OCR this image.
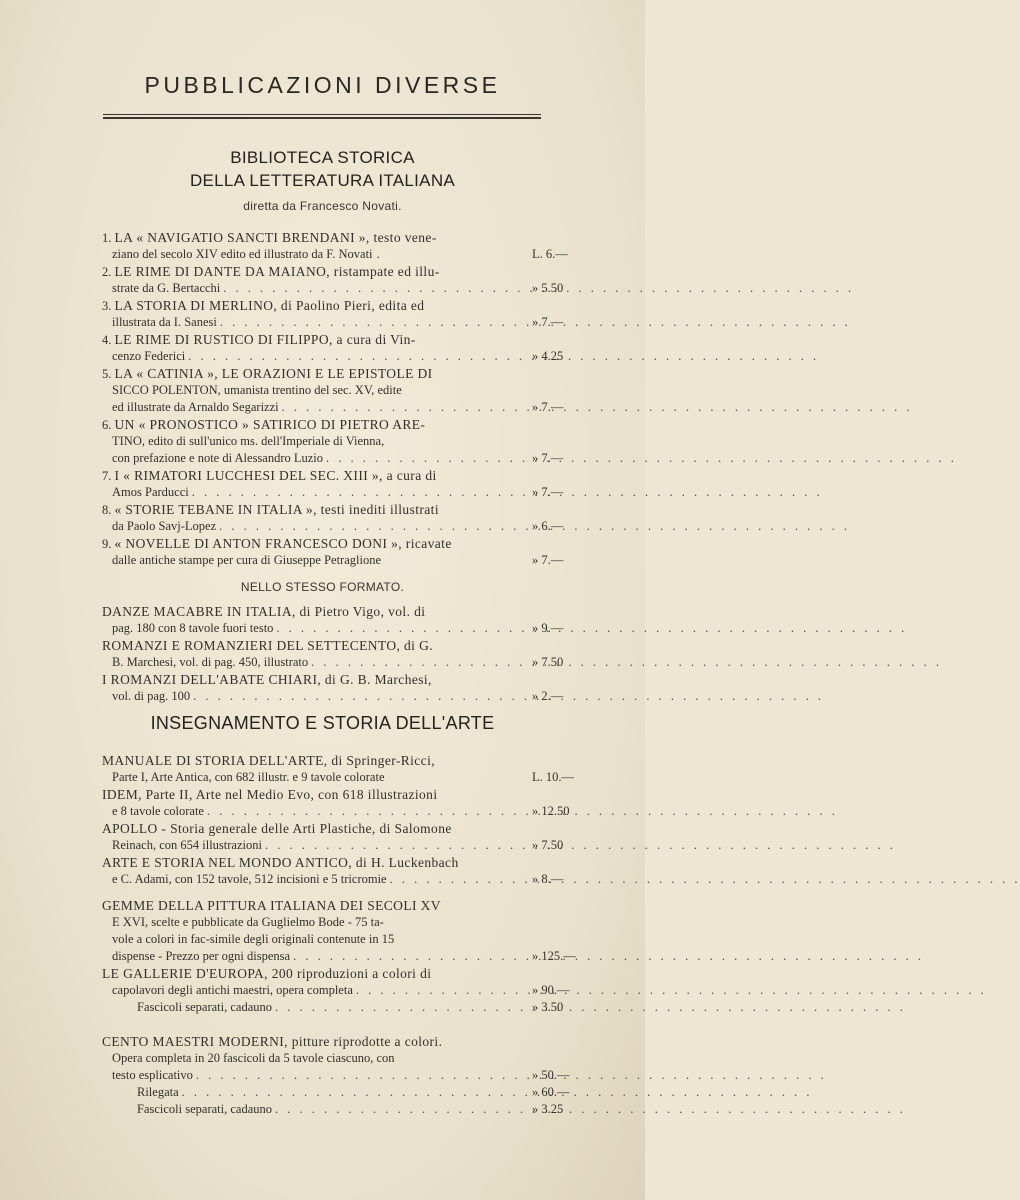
PUBBLICAZIONI DIVERSE
BIBLIOTECA STORICA
DELLA LETTERATURA ITALIANA
diretta da Francesco Novati.
1. LA « NAVIGATIO SANCTI BRENDANI », testo vene-
ziano del secolo XIV edito ed illustrato da F. Novati .	L. 6.—
2. LE RIME DI DANTE DA MAIANO, ristampate ed illu-
strate da G. Bertacchi . . .	» 5.50
3. LA STORIA DI MERLINO, di Paolino Pieri, edita ed
illustrata da I. Sanesi . . .	» 7.—
4. LE RIME DI RUSTICO DI FILIPPO, a cura di Vin-
cenzo Federici . . .	» 4.25
5. LA « CATINIA », LE ORAZIONI E LE EPISTOLE DI
SICCO POLENTON, umanista trentino del sec. XV, edite
ed illustrate da Arnaldo Segarizzi . . .	» 7.—
6. UN « PRONOSTICO » SATIRICO DI PIETRO ARE-
TINO, edito di sull'unico ms. dell'Imperiale di Vienna,
con prefazione e note di Alessandro Luzio . . .	» 7.—
7. I « RIMATORI LUCCHESI DEL SEC. XIII », a cura di
Amos Parducci . . .	» 7.—
8. « STORIE TEBANE IN ITALIA », testi inediti illustrati
da Paolo Savj-Lopez . . .	» 6.—
9. « NOVELLE DI ANTON FRANCESCO DONI », ricavate
dalle antiche stampe per cura di Giuseppe Petraglione	» 7.—
NELLO STESSO FORMATO.
DANZE MACABRE IN ITALIA, di Pietro Vigo, vol. di
pag. 180 con 8 tavole fuori testo . . .	» 9.—
ROMANZI E ROMANZIERI DEL SETTECENTO, di G.
B. Marchesi, vol. di pag. 450, illustrato . . .	» 7.50
I ROMANZI DELL'ABATE CHIARI, di G. B. Marchesi,
vol. di pag. 100 . . .	» 2.—
INSEGNAMENTO E STORIA DELL'ARTE
MANUALE DI STORIA DELL'ARTE, di Springer-Ricci,
Parte I, Arte Antica, con 682 illustr. e 9 tavole colorate	L. 10.—
IDEM, Parte II, Arte nel Medio Evo, con 618 illustrazioni
e 8 tavole colorate . . .	» 12.50
APOLLO - Storia generale delle Arti Plastiche, di Salomone
Reinach, con 654 illustrazioni . . .	» 7.50
ARTE E STORIA NEL MONDO ANTICO, di H. Luckenbach
e C. Adami, con 152 tavole, 512 incisioni e 5 tricromie . . .	» 8.—
GEMME DELLA PITTURA ITALIANA DEI SECOLI XV
E XVI, scelte e pubblicate da Guglielmo Bode - 75 ta-
vole a colori in fac-simile degli originali contenute in 15
dispense - Prezzo per ogni dispensa . . .	» 125.—
LE GALLERIE D'EUROPA, 200 riproduzioni a colori di
capolavori degli antichi maestri, opera completa . . .	» 90.—
Fascicoli separati, cadauno . . .	» 3.50
CENTO MAESTRI MODERNI, pitture riprodotte a colori.
Opera completa in 20 fascicoli da 5 tavole ciascuno, con
testo esplicativo . . .	» 50.—
Rilegata . . .	» 60.—
Fascicoli separati, cadauno . . .	» 3.25
